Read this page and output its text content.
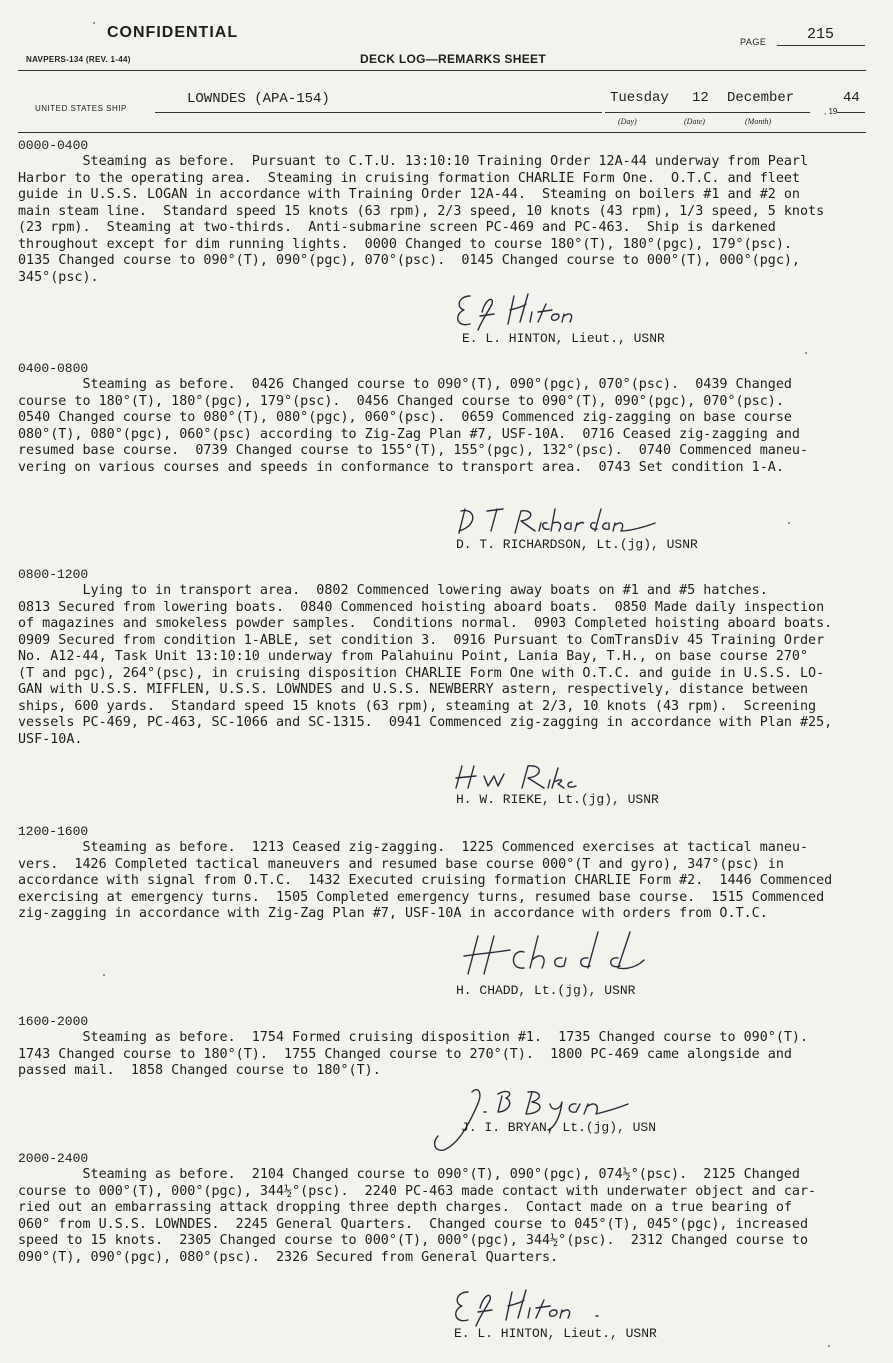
CONFIDENTIAL
PAGE	215
NAVPERS-134 (REV. 1-44)	DECK LOG—REMARKS SHEET
UNITED STATES SHIP
LOWNDES (APA-154)	Tuesday 12 December
(Day)	(Date)	(Month)
, 19
44
0000-0400
Steaming as before.  Pursuant to C.T.U. 13:10:10 Training Order 12A-44 underway from Pearl
Harbor to the operating area.  Steaming in cruising formation CHARLIE Form One.  O.T.C. and fleet
guide in U.S.S. LOGAN in accordance with Training Order 12A-44.  Steaming on boilers #1 and #2 on
main steam line.  Standard speed 15 knots (63 rpm), 2/3 speed, 10 knots (43 rpm), 1/3 speed, 5 knots
(23 rpm).  Steaming at two-thirds.  Anti-submarine screen PC-469 and PC-463.  Ship is darkened
throughout except for dim running lights.  0000 Changed to course 180°(T), 180°(pgc), 179°(psc).
0135 Changed course to 090°(T), 090°(pgc), 070°(psc).  0145 Changed course to 000°(T), 000°(pgc),
345°(psc).
E. L. HINTON, Lieut., USNR
0400-0800
Steaming as before.  0426 Changed course to 090°(T), 090°(pgc), 070°(psc).  0439 Changed
course to 180°(T), 180°(pgc), 179°(psc).  0456 Changed course to 090°(T), 090°(pgc), 070°(psc).
0540 Changed course to 080°(T), 080°(pgc), 060°(psc).  0659 Commenced zig-zagging on base course
080°(T), 080°(pgc), 060°(psc) according to Zig-Zag Plan #7, USF-10A.  0716 Ceased zig-zagging and
resumed base course.  0739 Changed course to 155°(T), 155°(pgc), 132°(psc).  0740 Commenced maneu-
vering on various courses and speeds in conformance to transport area.  0743 Set condition 1-A.
D. T. RICHARDSON, Lt.(jg), USNR
0800-1200
Lying to in transport area.  0802 Commenced lowering away boats on #1 and #5 hatches.
0813 Secured from lowering boats.  0840 Commenced hoisting aboard boats.  0850 Made daily inspection
of magazines and smokeless powder samples.  Conditions normal.  0903 Completed hoisting aboard boats.
0909 Secured from condition 1-ABLE, set condition 3.  0916 Pursuant to ComTransDiv 45 Training Order
No. A12-44, Task Unit 13:10:10 underway from Palahuinu Point, Lania Bay, T.H., on base course 270°
(T and pgc), 264°(psc), in cruising disposition CHARLIE Form One with O.T.C. and guide in U.S.S. LO-
GAN with U.S.S. MIFFLEN, U.S.S. LOWNDES and U.S.S. NEWBERRY astern, respectively, distance between
ships, 600 yards.  Standard speed 15 knots (63 rpm), steaming at 2/3, 10 knots (43 rpm).  Screening
vessels PC-469, PC-463, SC-1066 and SC-1315.  0941 Commenced zig-zagging in accordance with Plan #25,
USF-10A.
H. W. RIEKE, Lt.(jg), USNR
1200-1600
Steaming as before.  1213 Ceased zig-zagging.  1225 Commenced exercises at tactical maneu-
vers.  1426 Completed tactical maneuvers and resumed base course 000°(T and gyro), 347°(psc) in
accordance with signal from O.T.C.  1432 Executed cruising formation CHARLIE Form #2.  1446 Commenced
exercising at emergency turns.  1505 Completed emergency turns, resumed base course.  1515 Commenced
zig-zagging in accordance with Zig-Zag Plan #7, USF-10A in accordance with orders from O.T.C.
H. CHADD, Lt.(jg), USNR
1600-2000
Steaming as before.  1754 Formed cruising disposition #1.  1735 Changed course to 090°(T).
1743 Changed course to 180°(T).  1755 Changed course to 270°(T).  1800 PC-469 came alongside and
passed mail.  1858 Changed course to 180°(T).
J. I. BRYAN, Lt.(jg), USN
2000-2400
Steaming as before.  2104 Changed course to 090°(T), 090°(pgc), 074½°(psc).  2125 Changed
course to 000°(T), 000°(pgc), 344½°(psc).  2240 PC-463 made contact with underwater object and car-
ried out an embarrassing attack dropping three depth charges.  Contact made on a true bearing of
060° from U.S.S. LOWNDES.  2245 General Quarters.  Changed course to 045°(T), 045°(pgc), increased
speed to 15 knots.  2305 Changed course to 000°(T), 000°(pgc), 344½°(psc).  2312 Changed course to
090°(T), 090°(pgc), 080°(psc).  2326 Secured from General Quarters.
E. L. HINTON, Lieut., USNR
